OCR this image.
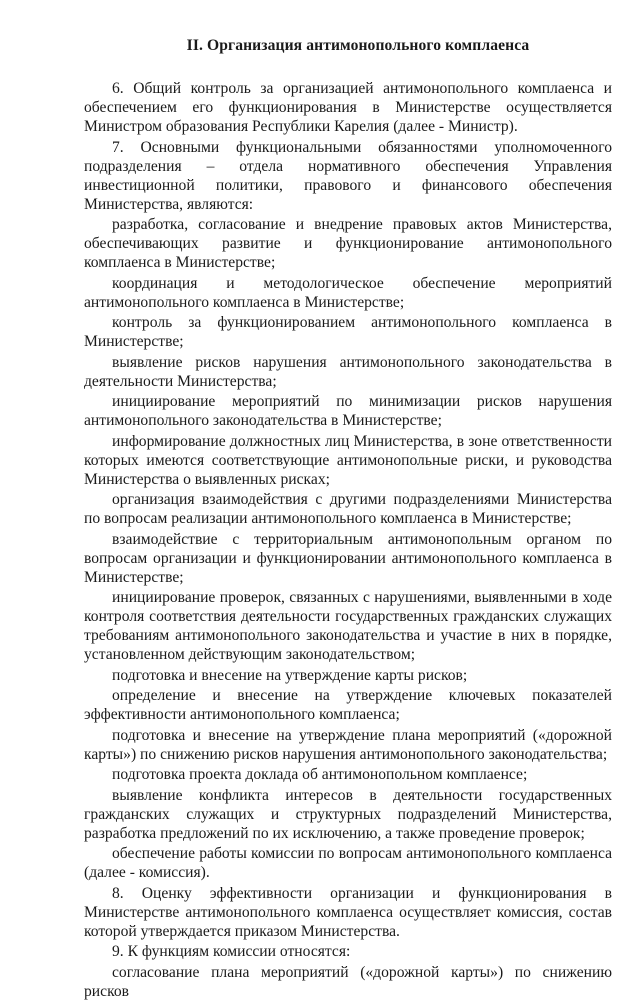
II. Организация антимонопольного комплаенса
6. Общий контроль за организацией антимонопольного комплаенса и обеспечением его функционирования в Министерстве осуществляется Министром образования Республики Карелия (далее - Министр).
7. Основными функциональными обязанностями уполномоченного подразделения – отдела нормативного обеспечения Управления инвестиционной политики, правового и финансового обеспечения Министерства, являются:
разработка, согласование и внедрение правовых актов Министерства, обеспечивающих развитие и функционирование антимонопольного комплаенса в Министерстве;
координация и методологическое обеспечение мероприятий антимонопольного комплаенса в Министерстве;
контроль за функционированием антимонопольного комплаенса в Министерстве;
выявление рисков нарушения антимонопольного законодательства в деятельности Министерства;
инициирование мероприятий по минимизации рисков нарушения антимонопольного законодательства в Министерстве;
информирование должностных лиц Министерства, в зоне ответственности которых имеются соответствующие антимонопольные риски, и руководства Министерства о выявленных рисках;
организация взаимодействия с другими подразделениями Министерства по вопросам реализации антимонопольного комплаенса в Министерстве;
взаимодействие с территориальным антимонопольным органом по вопросам организации и функционировании антимонопольного комплаенса в Министерстве;
инициирование проверок, связанных с нарушениями, выявленными в ходе контроля соответствия деятельности государственных гражданских служащих требованиям антимонопольного законодательства и участие в них в порядке, установленном действующим законодательством;
подготовка и внесение на утверждение карты рисков;
определение и внесение на утверждение ключевых показателей эффективности антимонопольного комплаенса;
подготовка и внесение на утверждение плана мероприятий («дорожной карты») по снижению рисков нарушения антимонопольного законодательства;
подготовка проекта доклада об антимонопольном комплаенсе;
выявление конфликта интересов в деятельности государственных гражданских служащих и структурных подразделений Министерства, разработка предложений по их исключению, а также проведение проверок;
обеспечение работы комиссии по вопросам антимонопольного комплаенса (далее - комиссия).
8. Оценку эффективности организации и функционирования в Министерстве антимонопольного комплаенса осуществляет комиссия, состав которой утверждается приказом Министерства.
9. К функциям комиссии относятся:
согласование плана мероприятий («дорожной карты») по снижению рисков
